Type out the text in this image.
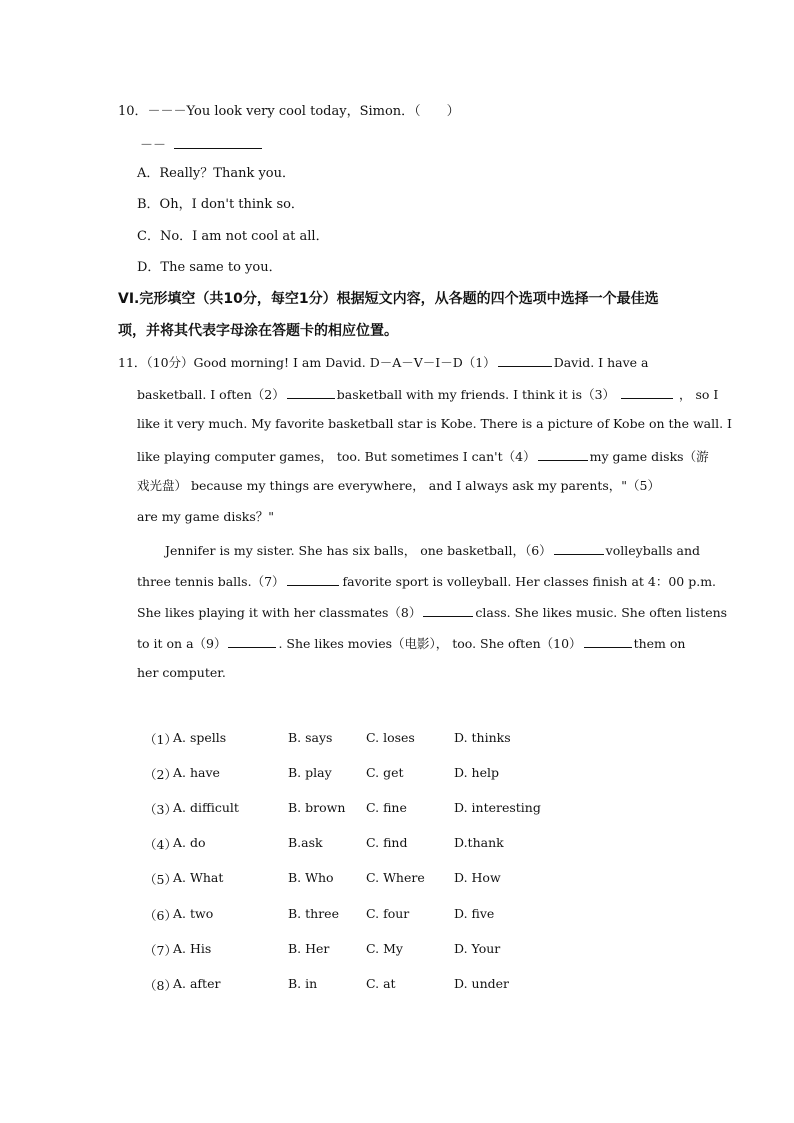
10．－－－You look very cool today，Simon．（　　）
－－
A．Really？Thank you．
B．Oh，I don't think so．
C．No．I am not cool at all．
D．The same to you．
VI.完形填空（共10分，每空1分）根据短文内容，从各题的四个选项中选择一个最佳选
项，并将其代表字母涂在答题卡的相应位置。
11．（10分）Good morning! I am David. D－A－V－I－D（1）	David. I have a
basketball. I often（2）	basketball with my friends. I think it is（3）	， so I
like it very much. My favorite basketball star is Kobe. There is a picture of Kobe on the wall. I
like playing computer games， too. But sometimes I can't（4）	my game disks（游
戏光盘） because my things are everywhere， and I always ask my parents，"（5）
are my game disks？"
Jennifer is my sister. She has six balls， one basketball，（6）	volleyballs and
three tennis balls.（7）	favorite sport is volleyball. Her classes finish at 4：00 p.m.
She likes playing it with her classmates（8）	class. She likes music. She often listens
to it on a（9）	. She likes movies（电影）， too. She often（10）	them on
her computer.
（1）
A. spells	B. says	C. loses	D. thinks
（2）
A. have	B. play	C. get	D. help
（3）
A. difficult	B. brown C. fine	D. interesting
（4）
A. do	B.ask	C. find	D.thank
（5）
A. What	B. Who	C. Where D. How
（6）
A. two	B. three C. four	D. five
（7）
A. His	B. Her	C. My	D. Your
（8）
A. after	B. in	C. at	D. under
